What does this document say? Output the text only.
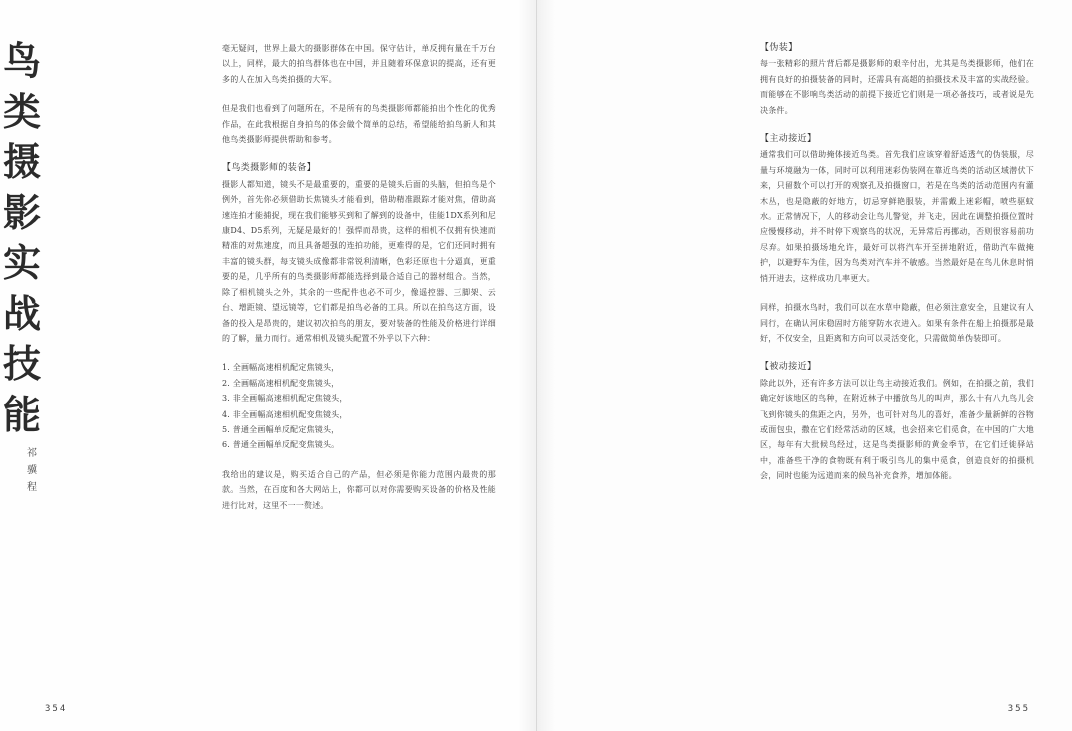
鸟
类
摄
影
实
战
技
能
祁
骥
程

毫无疑问，世界上最大的摄影群体在中国。保守估计，单反拥有量在千万台以上，同样，最大的拍鸟群体也在中国，并且随着环保意识的提高，还有更多的人在加入鸟类拍摄的大军。

但是我们也看到了问题所在，不是所有的鸟类摄影师都能拍出个性化的优秀作品，在此我根据自身拍鸟的体会做个简单的总结，希望能给拍鸟新人和其他鸟类摄影师提供帮助和参考。

【鸟类摄影师的装备】

摄影人都知道，镜头不是最重要的，重要的是镜头后面的头脑，但拍鸟是个例外，首先你必须借助长焦镜头才能看到，借助精准跟踪才能对焦，借助高速连拍才能捕捉，现在我们能够买到和了解到的设备中，佳能1DX系列和尼康D4、D5系列，无疑是最好的！强悍而昂贵，这样的相机不仅拥有快速而精准的对焦速度，而且具备超强的连拍功能，更难得的是，它们还同时拥有丰富的镜头群，每支镜头成像都非常锐利清晰，色彩还原也十分逼真，更重要的是，几乎所有的鸟类摄影师都能选择到最合适自己的器材组合。当然，除了相机镜头之外，其余的一些配件也必不可少，像遥控器、三脚架、云台、增距镜、望远镜等，它们都是拍鸟必备的工具。所以在拍鸟这方面，设备的投入是昂贵的，建议初次拍鸟的朋友，要对装备的性能及价格进行详细的了解，量力而行。通常相机及镜头配置不外乎以下六种：

1. 全画幅高速相机配定焦镜头，

2. 全画幅高速相机配变焦镜头，

3. 非全画幅高速相机配定焦镜头，

4. 非全画幅高速相机配变焦镜头，

5. 普通全画幅单反配定焦镜头，

6. 普通全画幅单反配变焦镜头。

我给出的建议是，购买适合自己的产品，但必须是你能力范围内最贵的那款。当然，在百度和各大网站上，你都可以对你需要购买设备的价格及性能进行比对，这里不一一赘述。

354

【伪装】

每一张精彩的照片背后都是摄影师的艰辛付出，尤其是鸟类摄影师，他们在拥有良好的拍摄装备的同时，还需具有高超的拍摄技术及丰富的实战经验。而能够在不影响鸟类活动的前提下接近它们则是一项必备技巧，或者说是先决条件。

【主动接近】

通常我们可以借助掩体接近鸟类。首先我们应该穿着舒适透气的伪装服，尽量与环境融为一体，同时可以利用迷彩伪装网在靠近鸟类的活动区域潜伏下来，只留数个可以打开的观察孔及拍摄窗口，若是在鸟类的活动范围内有灌木丛，也是隐蔽的好地方，切忌穿鲜艳服装，并需戴上迷彩帽，喷些驱蚊水。正常情况下，人的移动会让鸟儿警觉，并飞走，因此在调整拍摄位置时应慢慢移动，并不时停下观察鸟的状况，无异常后再挪动，否则很容易前功尽弃。如果拍摄场地允许，最好可以将汽车开至拼地附近，借助汽车做掩护，以避野车为佳，因为鸟类对汽车并不敏感。当然最好是在鸟儿休息时悄悄开进去，这样成功几率更大。

同样，拍摄水鸟时，我们可以在水草中隐蔽，但必须注意安全，且建议有人同行，在确认河床稳固时方能穿防水衣进入。如果有条件在船上拍摄那是最好，不仅安全，且距离和方向可以灵活变化，只需做简单伪装即可。

【被动接近】

除此以外，还有许多方法可以让鸟主动接近我们。例如，在拍摄之前，我们确定好该地区的鸟种，在附近林子中播放鸟儿的叫声，那么十有八九鸟儿会飞到你镜头的焦距之内，另外，也可针对鸟儿的喜好，准备少量新鲜的谷物或面包虫，撒在它们经常活动的区域，也会招来它们觅食，在中国的广大地区，每年有大批候鸟经过，这是鸟类摄影师的黄金季节，在它们迁徙驿站中，准备些干净的食物既有利于吸引鸟儿的集中觅食，创造良好的拍摄机会，同时也能为远道而来的候鸟补充食养，增加体能。

355
